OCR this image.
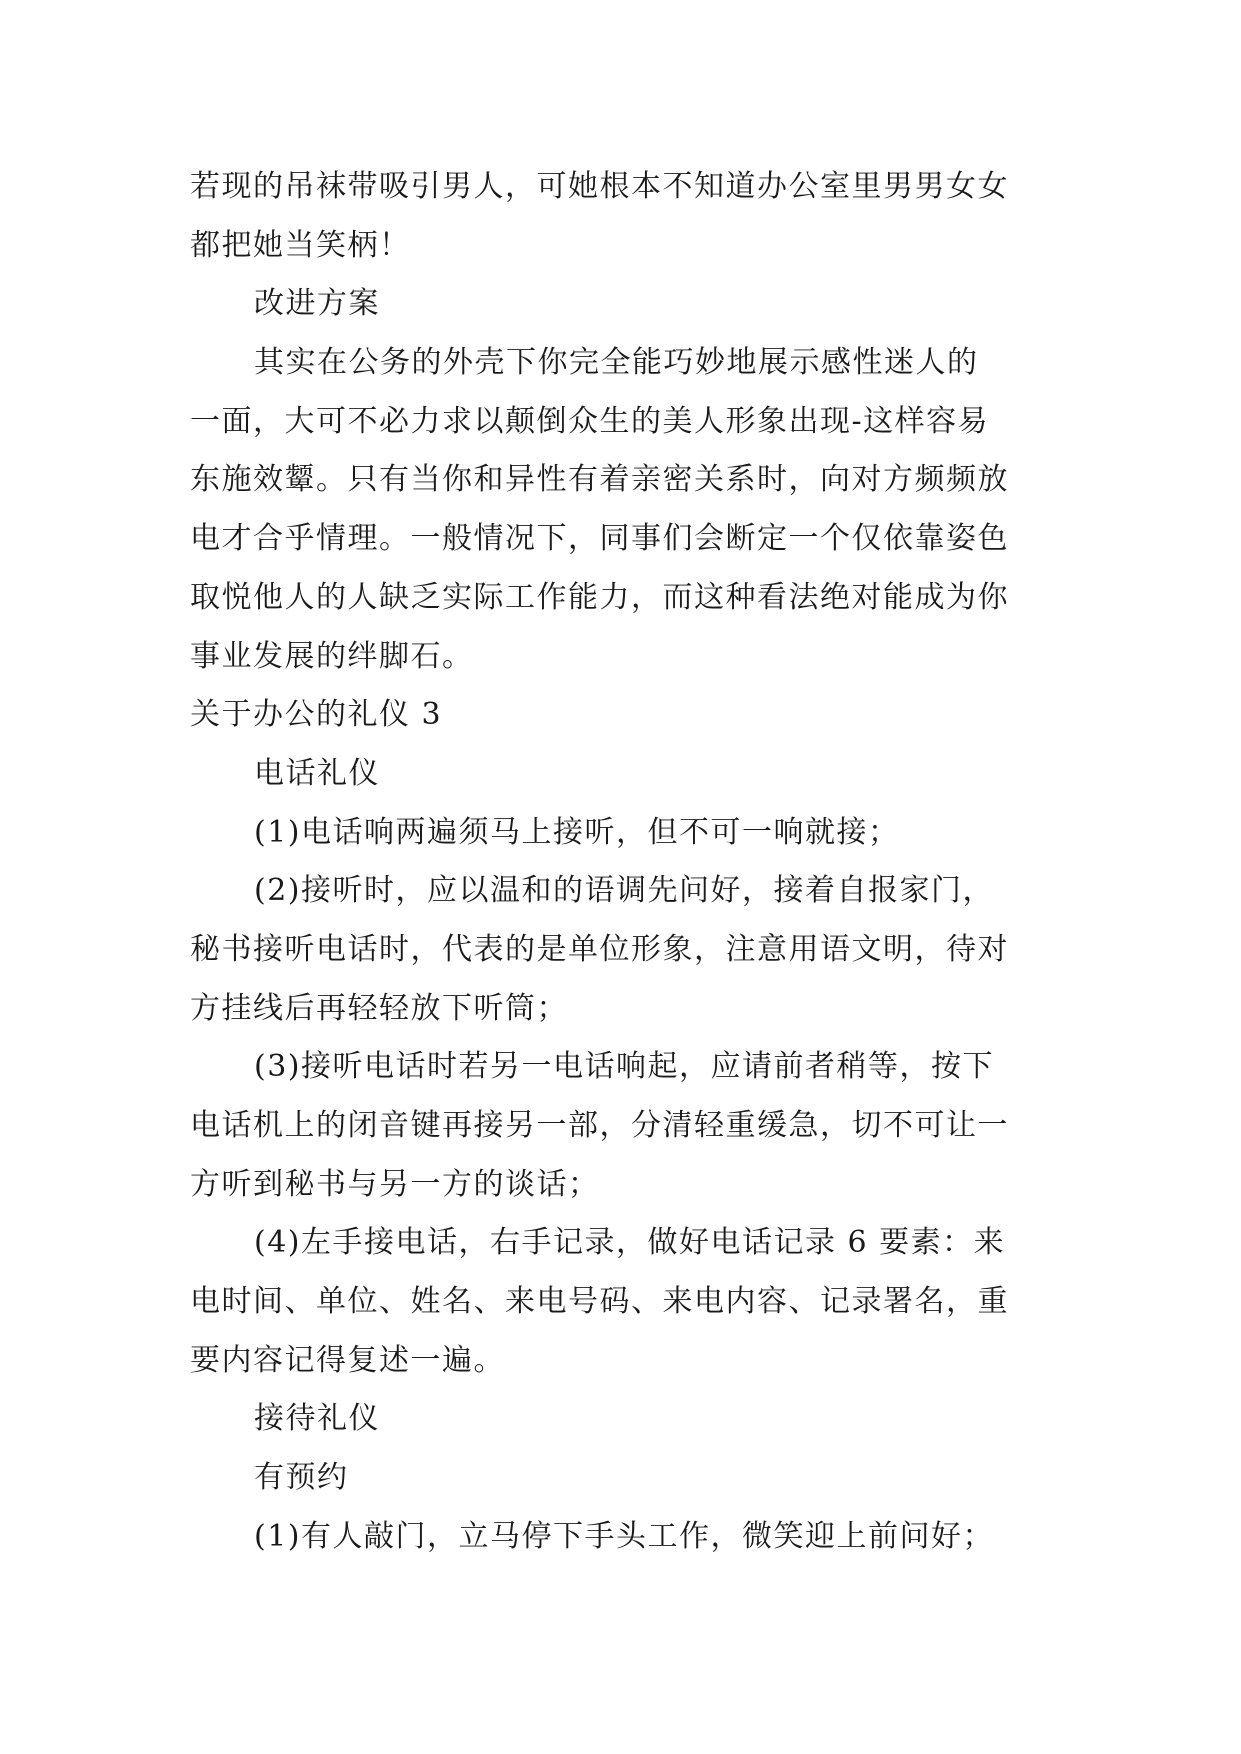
若现的吊袜带吸引男人，可她根本不知道办公室里男男女女
都把她当笑柄！
改进方案
其实在公务的外壳下你完全能巧妙地展示感性迷人的
一面，大可不必力求以颠倒众生的美人形象出现-这样容易
东施效颦。只有当你和异性有着亲密关系时，向对方频频放
电才合乎情理。一般情况下，同事们会断定一个仅依靠姿色
取悦他人的人缺乏实际工作能力，而这种看法绝对能成为你
事业发展的绊脚石。
关于办公的礼仪 3
电话礼仪
(1)电话响两遍须马上接听，但不可一响就接；
(2)接听时，应以温和的语调先问好，接着自报家门，
秘书接听电话时，代表的是单位形象，注意用语文明，待对
方挂线后再轻轻放下听筒；
(3)接听电话时若另一电话响起，应请前者稍等，按下
电话机上的闭音键再接另一部，分清轻重缓急，切不可让一
方听到秘书与另一方的谈话；
(4)左手接电话，右手记录，做好电话记录 6 要素：来
电时间、单位、姓名、来电号码、来电内容、记录署名，重
要内容记得复述一遍。
接待礼仪
有预约
(1)有人敲门，立马停下手头工作，微笑迎上前问好；
